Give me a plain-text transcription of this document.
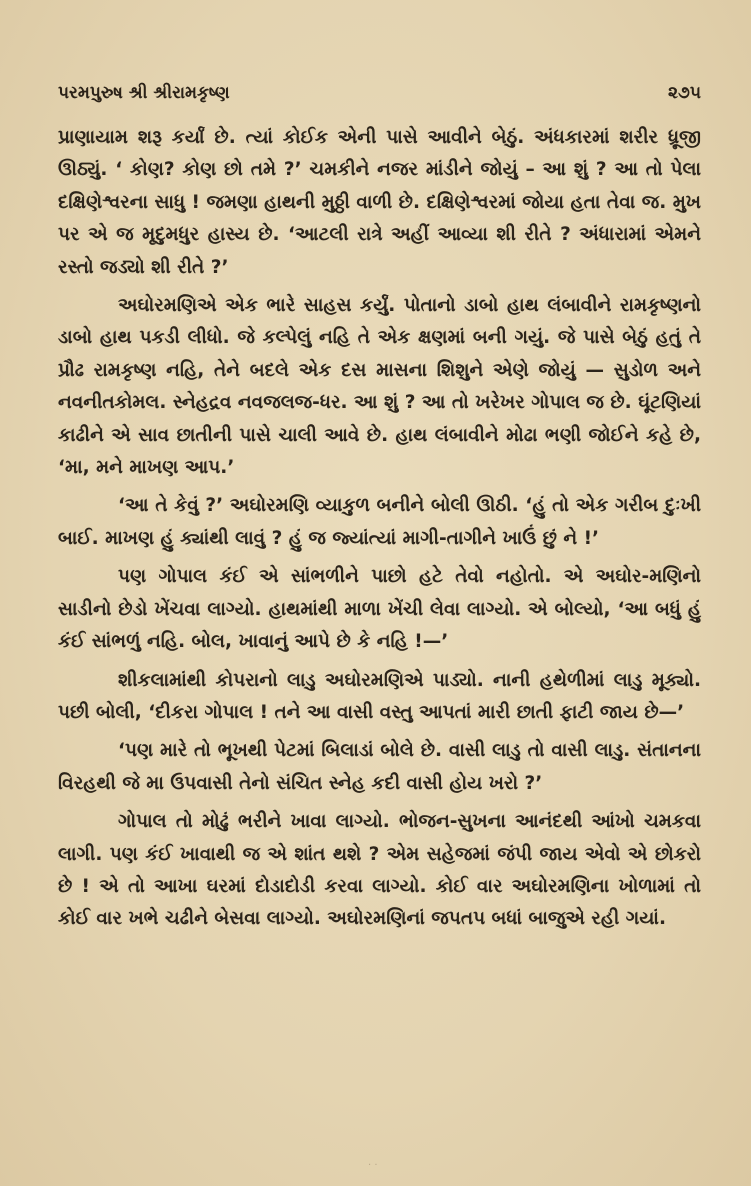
પરમપુરુષ શ્રી શ્રીરામકૃષ્ણ	૨૭૫

પ્રાણાયામ શરૂ કર્યાં છે. ત્યાં કોઈક એની પાસે આવીને બેઠું. અંધકારમાં શરીર ધ્રૂજી ઊઠ્યું. ‘ કોણ? કોણ છો તમે ?’ ચમકીને નજર માંડીને જોયું – આ શું ? આ તો પેલા દક્ષિણેશ્વરના સાધુ ! જમણા હાથની મુઠ્ઠી વાળી છે. દક્ષિણેશ્વરમાં જોયા હતા તેવા જ. મુખ પર એ જ મૃદુમધુર હાસ્ય છે. ‘આટલી રાત્રે અહીં આવ્યા શી રીતે ? અંધારામાં એમને રસ્તો જડ્યો શી રીતે ?’

અઘોરમણિએ એક ભારે સાહસ કર્યું. પોતાનો ડાબો હાથ લંબાવીને રામકૃષ્ણનો ડાબો હાથ પકડી લીધો. જે કલ્પેલું નહિ તે એક ક્ષણમાં બની ગયું. જે પાસે બેઠું હતું તે પ્રૌઢ રામકૃષ્ણ નહિ, તેને બદલે એક દસ માસના શિશુને એણે જોયું — સુડોળ અને નવનીતકોમલ. સ્નેહદ્રવ નવજલજ-ધર. આ શું ? આ તો ખરેખર ગોપાલ જ છે. ઘૂંટણિયાં કાઢીને એ સાવ છાતીની પાસે ચાલી આવે છે. હાથ લંબાવીને મોઢા ભણી જોઈને કહે છે, ‘મા, મને માખણ આપ.’

‘આ તે કેવું ?’ અઘોરમણિ વ્યાકુળ બનીને બોલી ઊઠી. ‘હું તો એક ગરીબ દુઃખી બાઈ. માખણ હું ક્યાંથી લાવું ? હું જ જ્યાંત્યાં માગી-તાગીને ખાઉં છું ને !’

પણ ગોપાલ કંઈ એ સાંભળીને પાછો હટે તેવો નહોતો. એ અઘોર-મણિનો સાડીનો છેડો ખેંચવા લાગ્યો. હાથમાંથી માળા ખેંચી લેવા લાગ્યો. એ બોલ્યો, ‘આ બધું હું કંઈ સાંભળું નહિ. બોલ, ખાવાનું આપે છે કે નહિ !—’

શીકલામાંથી કોપરાનો લાડુ અઘોરમણિએ પાડ્યો. નાની હથેળીમાં લાડુ મૂક્યો. પછી બોલી, ‘દીકરા ગોપાલ ! તને આ વાસી વસ્તુ આપતાં મારી છાતી ફાટી જાય છે—’

‘પણ મારે તો ભૂખથી પેટમાં બિલાડાં બોલે છે. વાસી લાડુ તો વાસી લાડુ. સંતાનના વિરહથી જે મા ઉપવાસી તેનો સંચિત સ્નેહ કદી વાસી હોય ખરો ?’

ગોપાલ તો મોઢું ભરીને ખાવા લાગ્યો. ભોજન-સુખના આનંદથી આંખો ચમકવા લાગી. પણ કંઈ ખાવાથી જ એ શાંત થશે ? એમ સહેજમાં જંપી જાય એવો એ છોકરો છે ! એ તો આખા ઘરમાં દોડાદોડી કરવા લાગ્યો. કોઈ વાર અઘોરમણિના ખોળામાં તો કોઈ વાર ખભે ચઢીને બેસવા લાગ્યો. અઘોરમણિનાં જપતપ બધાં બાજુએ રહી ગયાં.

· ·
